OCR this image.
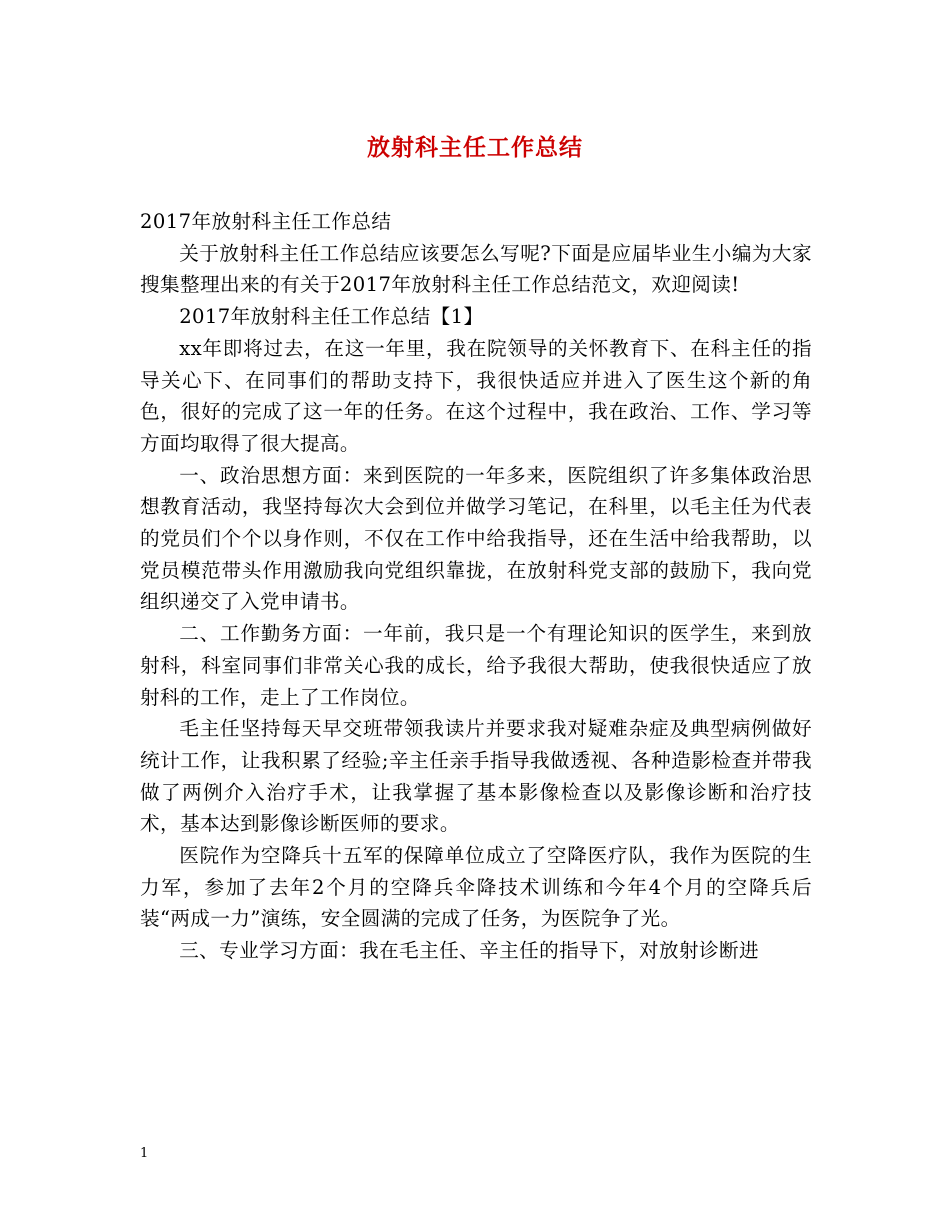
放射科主任工作总结

2017年放射科主任工作总结

关于放射科主任工作总结应该要怎么写呢?下面是应届毕业生小编为大家搜集整理出来的有关于2017年放射科主任工作总结范文，欢迎阅读!

2017年放射科主任工作总结【1】

xx年即将过去，在这一年里，我在院领导的关怀教育下、在科主任的指导关心下、在同事们的帮助支持下，我很快适应并进入了医生这个新的角色，很好的完成了这一年的任务。在这个过程中，我在政治、工作、学习等方面均取得了很大提高。

一、政治思想方面：来到医院的一年多来，医院组织了许多集体政治思想教育活动，我坚持每次大会到位并做学习笔记，在科里，以毛主任为代表的党员们个个以身作则，不仅在工作中给我指导，还在生活中给我帮助，以党员模范带头作用激励我向党组织靠拢，在放射科党支部的鼓励下，我向党组织递交了入党申请书。

二、工作勤务方面：一年前，我只是一个有理论知识的医学生，来到放射科，科室同事们非常关心我的成长，给予我很大帮助，使我很快适应了放射科的工作，走上了工作岗位。

毛主任坚持每天早交班带领我读片并要求我对疑难杂症及典型病例做好统计工作，让我积累了经验;辛主任亲手指导我做透视、各种造影检查并带我做了两例介入治疗手术，让我掌握了基本影像检查以及影像诊断和治疗技术，基本达到影像诊断医师的要求。

医院作为空降兵十五军的保障单位成立了空降医疗队，我作为医院的生力军，参加了去年2个月的空降兵伞降技术训练和今年4个月的空降兵后装“两成一力”演练，安全圆满的完成了任务，为医院争了光。

三、专业学习方面：我在毛主任、辛主任的指导下，对放射诊断进

1
